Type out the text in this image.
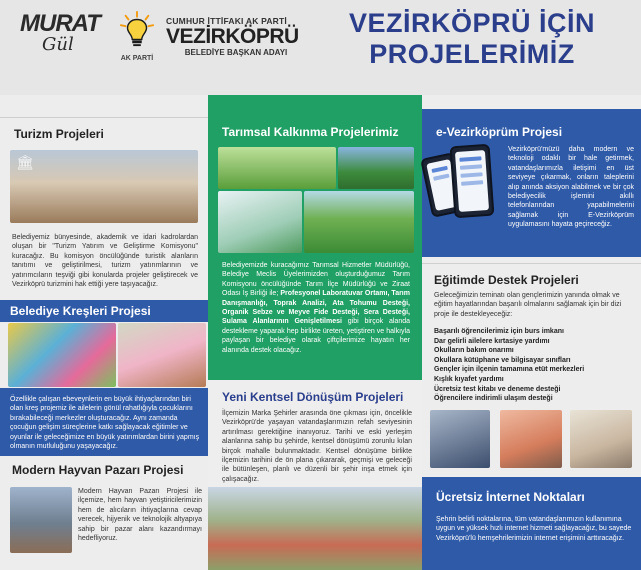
MURAT
Gül
AK PARTİ
CUMHUR İTTİFAKI AK PARTİ
VEZİRKÖPRÜ
BELEDİYE BAŞKAN ADAYI
VEZİRKÖPRÜ İÇİN
PROJELERİMİZ
Turizm Projeleri
🏛
Belediyemiz bünyesinde, akademik ve idari kadrolardan oluşan bir "Turizm Yatırım ve Geliştirme Komisyonu" kuracağız. Bu komisyon öncülüğünde turistik alanların tanıtımı ve geliştirilmesi, turizm yatırımlarının ve yatırımcıların teşviği gibi konularda projeler geliştirecek ve Vezirköprü turizmini hak ettiği yere taşıyacağız.
Belediye Kreşleri Projesi
Özellikle çalışan ebeveynlerin en büyük ihtiyaçlarından biri olan kreş projemiz ile ailelerin gönül rahatlığıyla çocuklarını bırakabileceği merkezler oluşturacağız. Aynı zamanda çocuğun gelişim süreçlerine katkı sağlayacak eğitimler ve oyunlar ile geleceğimize en büyük yatırımlardan birini yapmış olmanın mutluluğunu yaşayacağız.
Modern Hayvan Pazarı Projesi
Modern Hayvan Pazarı Projesi ile ilçemize, hem hayvan yetiştiricilerimizin hem de alıcıların ihtiyaçlarına cevap verecek, hijyenik ve teknolojik altyapıya sahip bir pazar alanı kazandırmayı hedefliyoruz.
Tarımsal Kalkınma Projelerimiz
Belediyemizde kuracağımız Tarımsal Hizmetler Müdürlüğü, Belediye Meclis Üyelerimizden oluşturduğumuz Tarım Komisyonu öncülüğünde Tarım İlçe Müdürlüğü ve Ziraat Odası İş Birliği ile; Profesyonel Laboratuvar Ortamı, Tarım Danışmanlığı, Toprak Analizi, Ata Tohumu Desteği, Organik Sebze ve Meyve Fide Desteği, Sera Desteği, Sulama Alanlarının Genişletilmesi gibi birçok alanda destekleme yaparak hep birlikte üreten, yetiştiren ve halkıyla paylaşan bir belediye olarak çiftçilerimize hayatın her alanında destek olacağız.
Yeni Kentsel Dönüşüm Projeleri
İlçemizin Marka Şehirler arasında öne çıkması için, öncelikle Vezirköprü'de yaşayan vatandaşlarımızın refah seviyesinin artırılması gerektiğine inanıyoruz. Tarihi ve eski yerleşim alanlarına sahip bu şehirde, kentsel dönüşümü zorunlu kılan birçok mahalle bulunmaktadır. Kentsel dönüşüme birlikte ilçemizin tarihini de ön plana çıkararak, geçmişi ve geleceği ile bütünleşen, planlı ve düzenli bir şehir inşa etmek için çalışacağız.
e-Vezirköprüm Projesi
Vezirköprü'müzü daha modern ve teknoloji odaklı bir hale getirmek, vatandaşlarımızla iletişimi en üst seviyeye çıkarmak, onların taleplerini alıp anında aksiyon alabilmek ve bir çok belediyecilik işlemini akıllı telefonlarından yapabilmelerini sağlamak için E-Vezirköprüm uygulamasını hayata geçireceğiz.
Eğitimde Destek Projeleri
Geleceğimizin teminatı olan gençlerimizin yanında olmak ve eğitim hayatlarından başarılı olmalarını sağlamak için bir dizi proje ile destekleyeceğiz:
Başarılı öğrencilerimiz için burs imkanı
Dar gelirli ailelere kırtasiye yardımı
Okulların bakım onarımı
Okullara kütüphane ve bilgisayar sınıfları
Gençler için ilçenin tamamına etüt merkezleri
Kışlık kıyafet yardımı
Ücretsiz test kitabı ve deneme desteği
Öğrencilere indirimli ulaşım desteği
Ücretsiz İnternet Noktaları
Şehrin belirli noktalarına, tüm vatandaşlarımızın kullanımına uygun ve yüksek hızlı internet hizmeti sağlayacağız, bu sayede Vezirköprü'lü hemşehrilerimizin internet erişimini arttıracağız.
